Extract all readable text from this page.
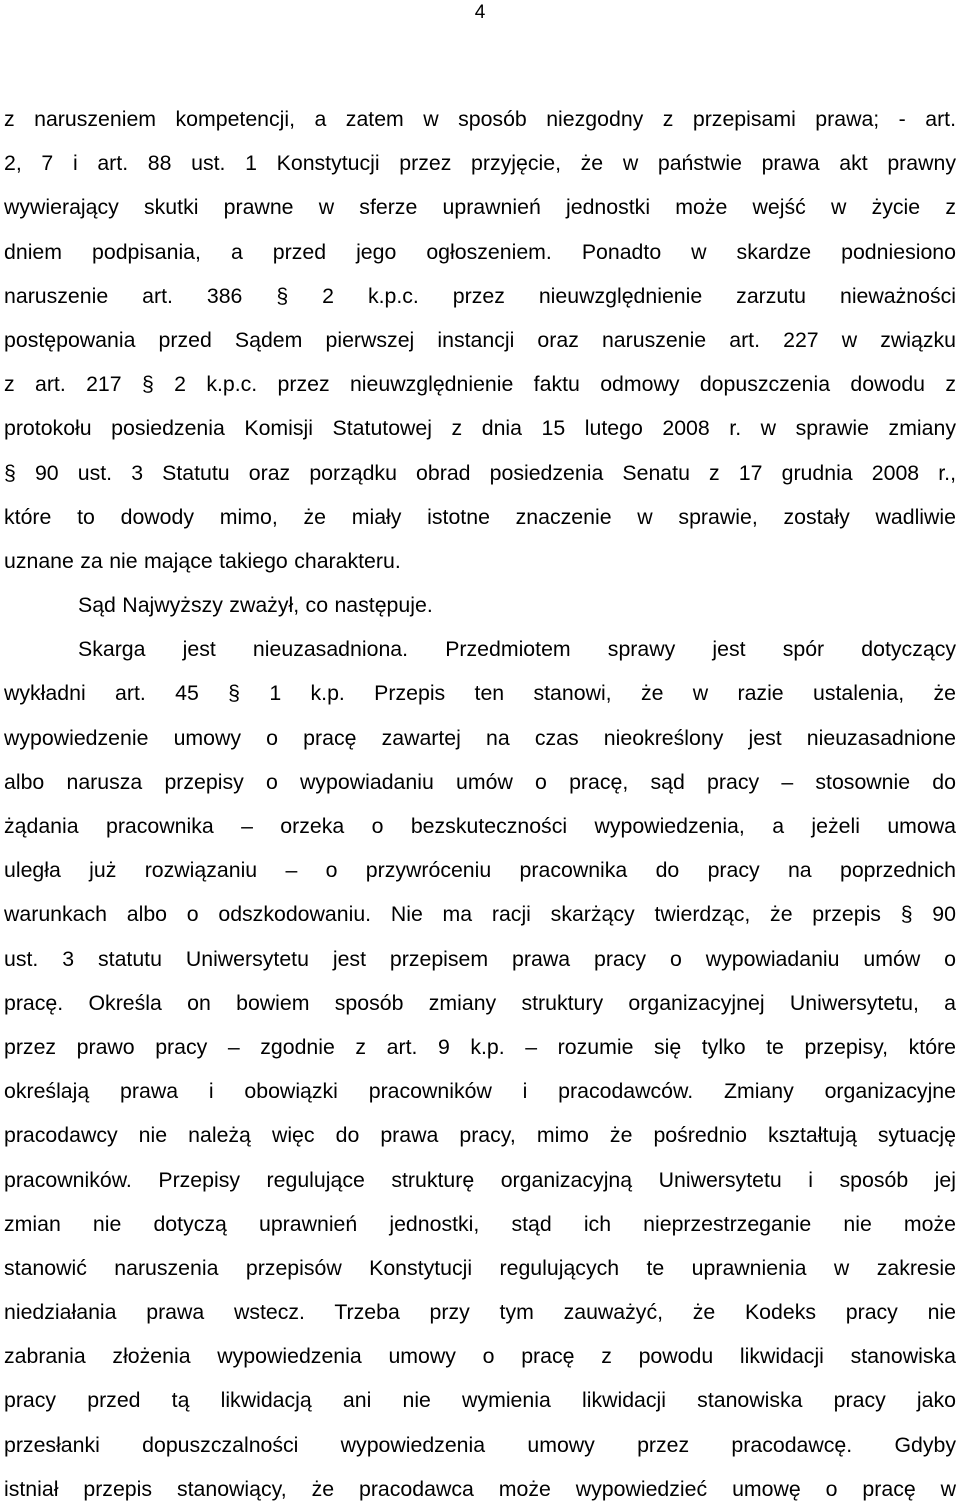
4
z naruszeniem kompetencji, a zatem w sposób niezgodny z przepisami prawa; - art.
2, 7 i art. 88 ust. 1 Konstytucji przez przyjęcie, że w państwie prawa akt prawny
wywierający skutki prawne w sferze uprawnień jednostki może wejść w życie z
dniem podpisania, a przed jego ogłoszeniem. Ponadto w skardze podniesiono
naruszenie art. 386 § 2 k.p.c. przez nieuwzględnienie zarzutu nieważności
postępowania przed Sądem pierwszej instancji oraz naruszenie art. 227 w związku
z art. 217 § 2 k.p.c. przez nieuwzględnienie faktu odmowy dopuszczenia dowodu z
protokołu posiedzenia Komisji Statutowej z dnia 15 lutego 2008 r. w sprawie zmiany
§ 90 ust. 3 Statutu oraz porządku obrad posiedzenia Senatu z 17 grudnia 2008 r.,
które to dowody mimo, że miały istotne znaczenie w sprawie, zostały wadliwie
uznane za nie mające takiego charakteru.
Sąd Najwyższy zważył, co następuje.
Skarga jest nieuzasadniona. Przedmiotem sprawy jest spór dotyczący
wykładni art. 45 § 1 k.p. Przepis ten stanowi, że w razie ustalenia, że
wypowiedzenie umowy o pracę zawartej na czas nieokreślony jest nieuzasadnione
albo narusza przepisy o wypowiadaniu umów o pracę, sąd pracy – stosownie do
żądania pracownika – orzeka o bezskuteczności wypowiedzenia, a jeżeli umowa
uległa już rozwiązaniu – o przywróceniu pracownika do pracy na poprzednich
warunkach albo o odszkodowaniu. Nie ma racji skarżący twierdząc, że przepis § 90
ust. 3 statutu Uniwersytetu jest przepisem prawa pracy o wypowiadaniu umów o
pracę. Określa on bowiem sposób zmiany struktury organizacyjnej Uniwersytetu, a
przez prawo pracy – zgodnie z art. 9 k.p. – rozumie się tylko te przepisy, które
określają prawa i obowiązki pracowników i pracodawców. Zmiany organizacyjne
pracodawcy nie należą więc do prawa pracy, mimo że pośrednio kształtują sytuację
pracowników. Przepisy regulujące strukturę organizacyjną Uniwersytetu i sposób jej
zmian nie dotyczą uprawnień jednostki, stąd ich nieprzestrzeganie nie może
stanowić naruszenia przepisów Konstytucji regulujących te uprawnienia w zakresie
niedziałania prawa wstecz. Trzeba przy tym zauważyć, że Kodeks pracy nie
zabrania złożenia wypowiedzenia umowy o pracę z powodu likwidacji stanowiska
pracy przed tą likwidacją ani nie wymienia likwidacji stanowiska pracy jako
przesłanki dopuszczalności wypowiedzenia umowy przez pracodawcę. Gdyby
istniał przepis stanowiący, że pracodawca może wypowiedzieć umowę o pracę w
